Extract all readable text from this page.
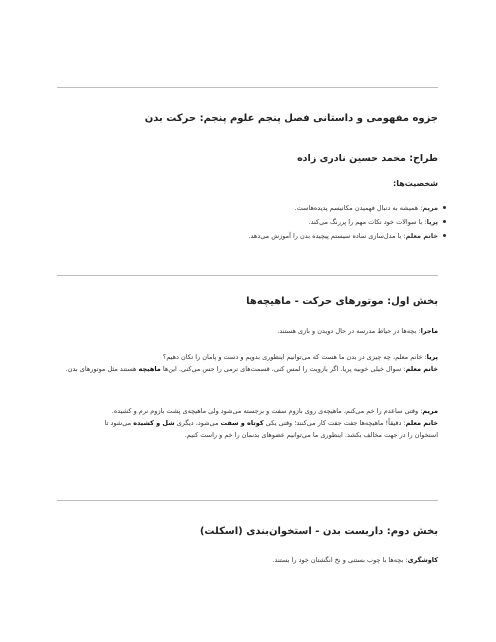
جزوه مفهومی و داستانی فصل پنجم علوم پنجم: حرکت بدن
طراح: محمد حسین نادری زاده
شخصیت‌ها:
مریم: همیشه به دنبال فهمیدن مکانیسم پدیده‌هاست.
پریا: با سوالات خود نکات مهم را پررنگ می‌کند.
خانم معلم: با مدل‌سازی ساده سیستم پیچیده بدن را آموزش می‌دهد.
بخش اول: موتورهای حرکت - ماهیچه‌ها
ماجرا: بچه‌ها در حیاط مدرسه در حال دویدن و بازی هستند.
پریا: خانم معلم، چه چیزی در بدن ما هست که می‌توانیم اینطوری بدویم و دست و پامان را تکان دهیم؟
خانم معلم: سوال خیلی خوبیه پریا. اگر بازویت را لمس کنی، قسمت‌های نرمی را حس می‌کنی. این‌ها ماهیچه هستند مثل موتورهای بدن.
مریم: وقتی ساعدم را خم می‌کنم، ماهیچه‌ی روی بازوم سفت و برجسته می‌شود ولی ماهیچه‌ی پشت بازوم نرم و کشیده.
خانم معلم: دقیقاً! ماهیچه‌ها جفت جفت کار می‌کنند؛ وقتی یکی کوتاه و سفت می‌شود، دیگری شل و کشیده می‌شود تا
استخوان را در جهت مخالف بکشد. اینطوری ما می‌توانیم عضوهای بدنمان را خم و راست کنیم.
بخش دوم: داربست بدن - استخوان‌بندی (اسکلت)
کاوشگری: بچه‌ها با چوب بستنی و نخ انگشتان خود را بستند.
